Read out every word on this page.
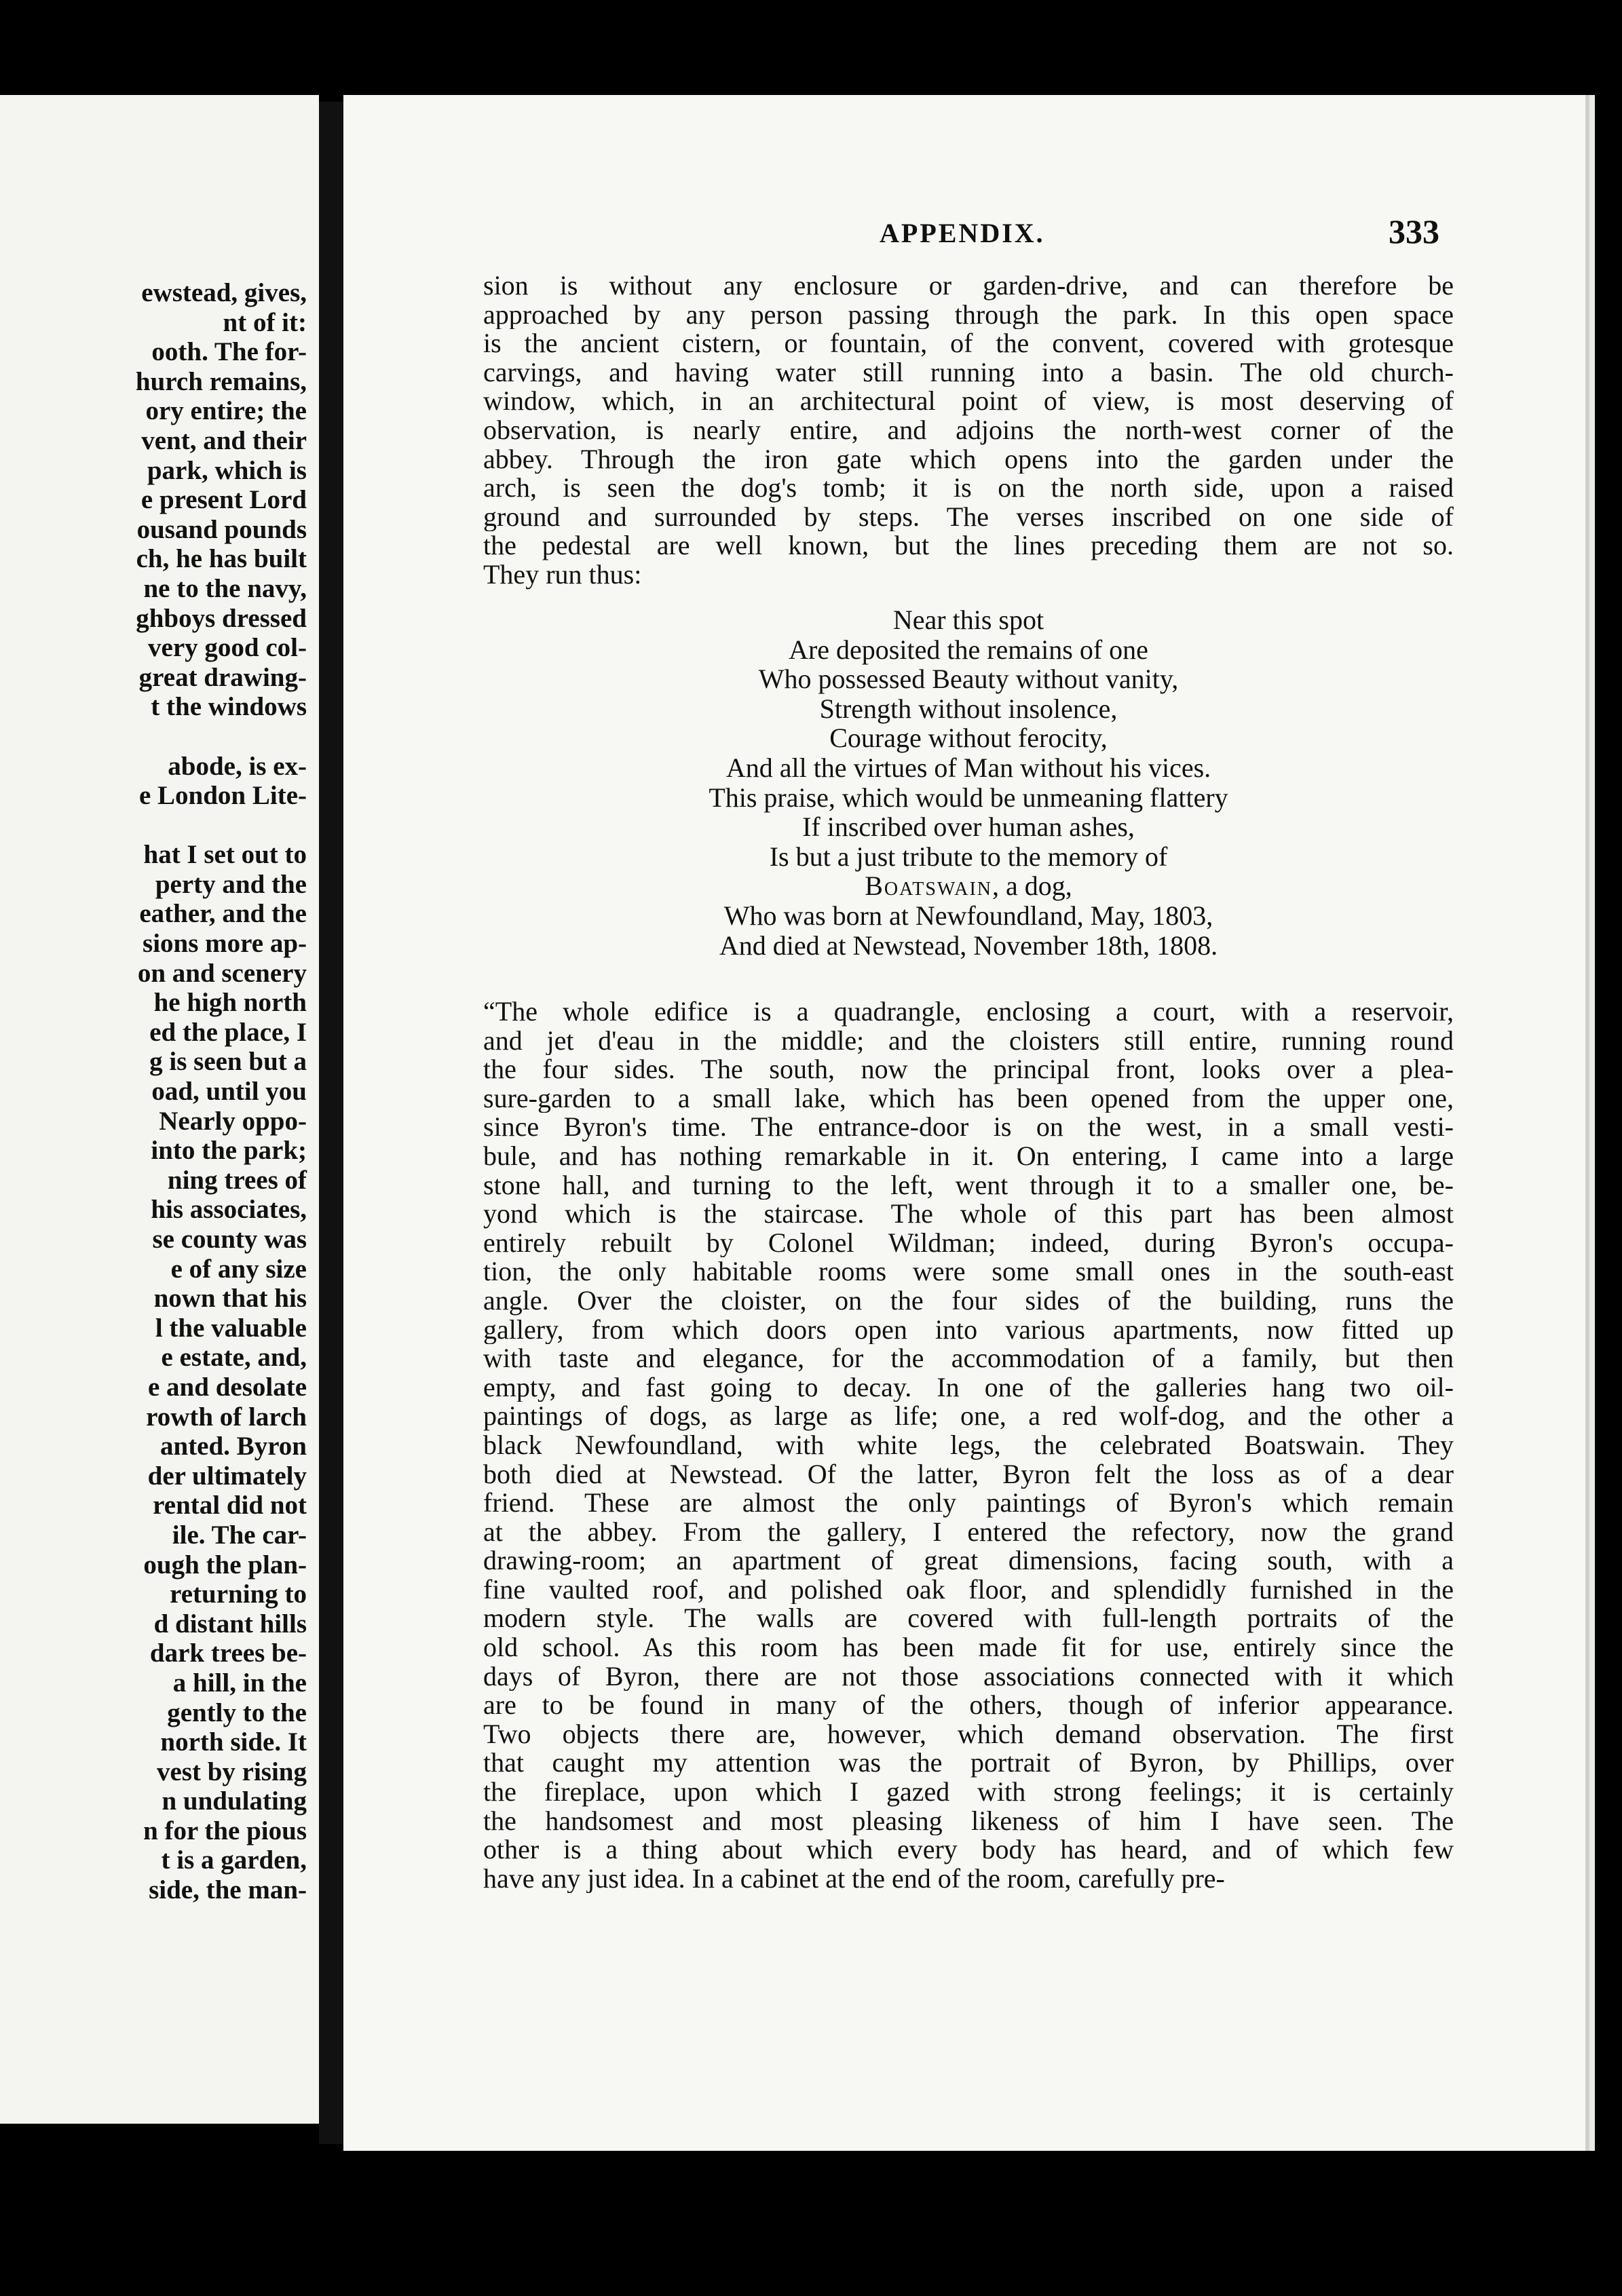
ewstead, gives,
nt of it:
ooth. The for-
hurch remains,
ory entire; the
vent, and their
park, which is
e present Lord
ousand pounds
ch, he has built
ne to the navy,
ghboys dressed
very good col-
great drawing-
t the windows
abode, is ex-
e London Lite-
hat I set out to
perty and the
eather, and the
sions more ap-
on and scenery
he high north
ed the place, I
g is seen but a
oad, until you
Nearly oppo-
into the park;
ning trees of
his associates,
se county was
e of any size
nown that his
l the valuable
e estate, and,
e and desolate
rowth of larch
anted. Byron
der ultimately
rental did not
ile. The car-
ough the plan-
returning to
d distant hills
dark trees be-
a hill, in the
gently to the
north side. It
vest by rising
n undulating
n for the pious
t is a garden,
side, the man-
APPENDIX.	333
sion is without any enclosure or garden-drive, and can therefore be
approached by any person passing through the park. In this open space
is the ancient cistern, or fountain, of the convent, covered with grotesque
carvings, and having water still running into a basin. The old church-
window, which, in an architectural point of view, is most deserving of
observation, is nearly entire, and adjoins the north-west corner of the
abbey. Through the iron gate which opens into the garden under the
arch, is seen the dog's tomb; it is on the north side, upon a raised
ground and surrounded by steps. The verses inscribed on one side of
the pedestal are well known, but the lines preceding them are not so.
They run thus:
Near this spot
Are deposited the remains of one
Who possessed Beauty without vanity,
Strength without insolence,
Courage without ferocity,
And all the virtues of Man without his vices.
This praise, which would be unmeaning flattery
If inscribed over human ashes,
Is but a just tribute to the memory of
Boatswain, a dog,
Who was born at Newfoundland, May, 1803,
And died at Newstead, November 18th, 1808.
“The whole edifice is a quadrangle, enclosing a court, with a reservoir,
and jet d'eau in the middle; and the cloisters still entire, running round
the four sides. The south, now the principal front, looks over a plea-
sure-garden to a small lake, which has been opened from the upper one,
since Byron's time. The entrance-door is on the west, in a small vesti-
bule, and has nothing remarkable in it. On entering, I came into a large
stone hall, and turning to the left, went through it to a smaller one, be-
yond which is the staircase. The whole of this part has been almost
entirely rebuilt by Colonel Wildman; indeed, during Byron's occupa-
tion, the only habitable rooms were some small ones in the south-east
angle. Over the cloister, on the four sides of the building, runs the
gallery, from which doors open into various apartments, now fitted up
with taste and elegance, for the accommodation of a family, but then
empty, and fast going to decay. In one of the galleries hang two oil-
paintings of dogs, as large as life; one, a red wolf-dog, and the other a
black Newfoundland, with white legs, the celebrated Boatswain. They
both died at Newstead. Of the latter, Byron felt the loss as of a dear
friend. These are almost the only paintings of Byron's which remain
at the abbey. From the gallery, I entered the refectory, now the grand
drawing-room; an apartment of great dimensions, facing south, with a
fine vaulted roof, and polished oak floor, and splendidly furnished in the
modern style. The walls are covered with full-length portraits of the
old school. As this room has been made fit for use, entirely since the
days of Byron, there are not those associations connected with it which
are to be found in many of the others, though of inferior appearance.
Two objects there are, however, which demand observation. The first
that caught my attention was the portrait of Byron, by Phillips, over
the fireplace, upon which I gazed with strong feelings; it is certainly
the handsomest and most pleasing likeness of him I have seen. The
other is a thing about which every body has heard, and of which few
have any just idea. In a cabinet at the end of the room, carefully pre-
